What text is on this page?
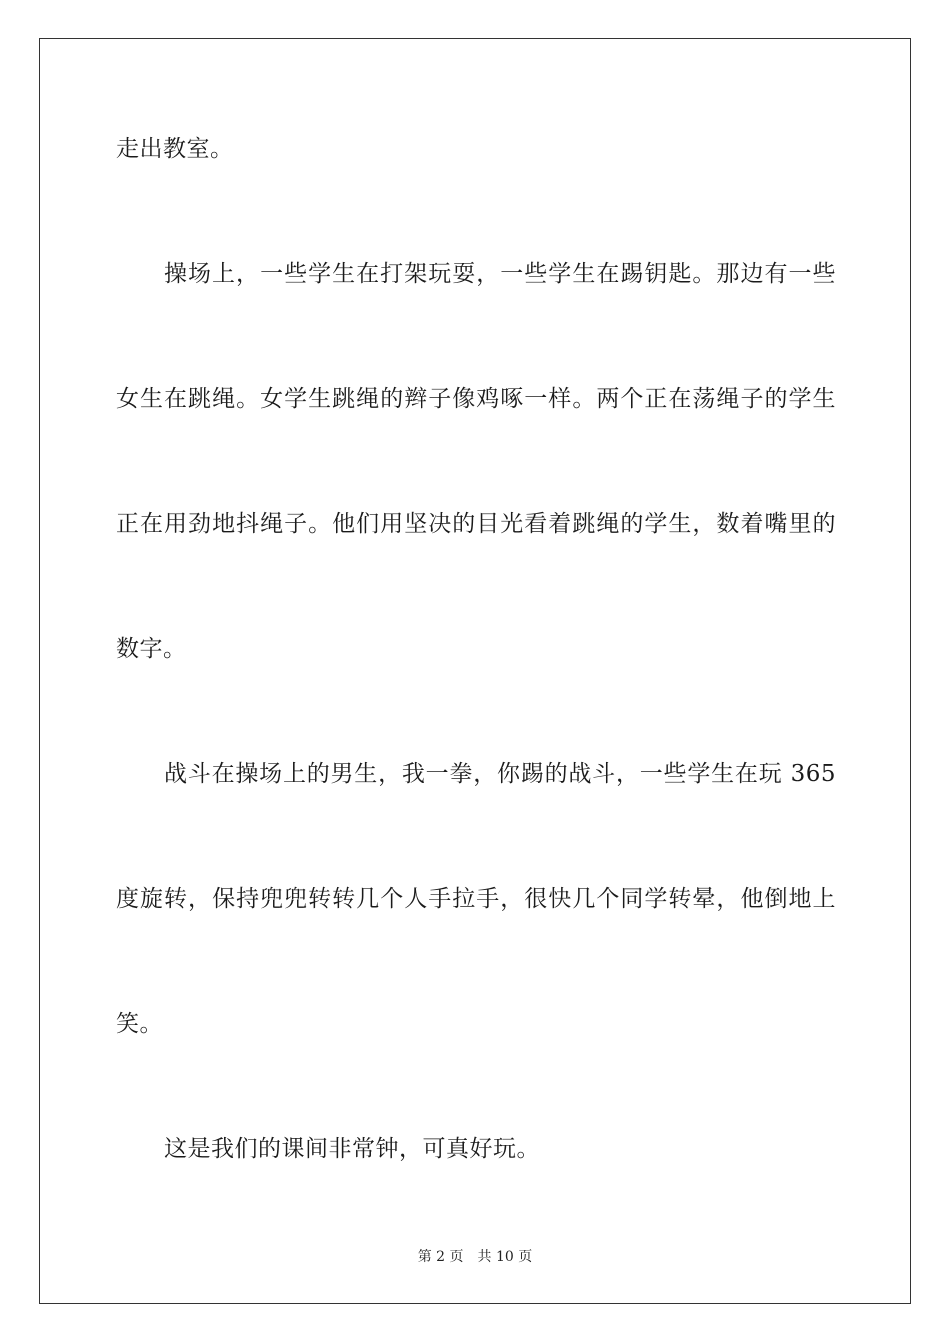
走出教室。
操场上，一些学生在打架玩耍，一些学生在踢钥匙。那边有一些
女生在跳绳。女学生跳绳的辫子像鸡啄一样。两个正在荡绳子的学生
正在用劲地抖绳子。他们用坚决的目光看着跳绳的学生，数着嘴里的
数字。
战斗在操场上的男生，我一拳，你踢的战斗，一些学生在玩 365
度旋转，保持兜兜转转几个人手拉手，很快几个同学转晕，他倒地上
笑。
这是我们的课间非常钟，可真好玩。
第 2 页 共 10 页
